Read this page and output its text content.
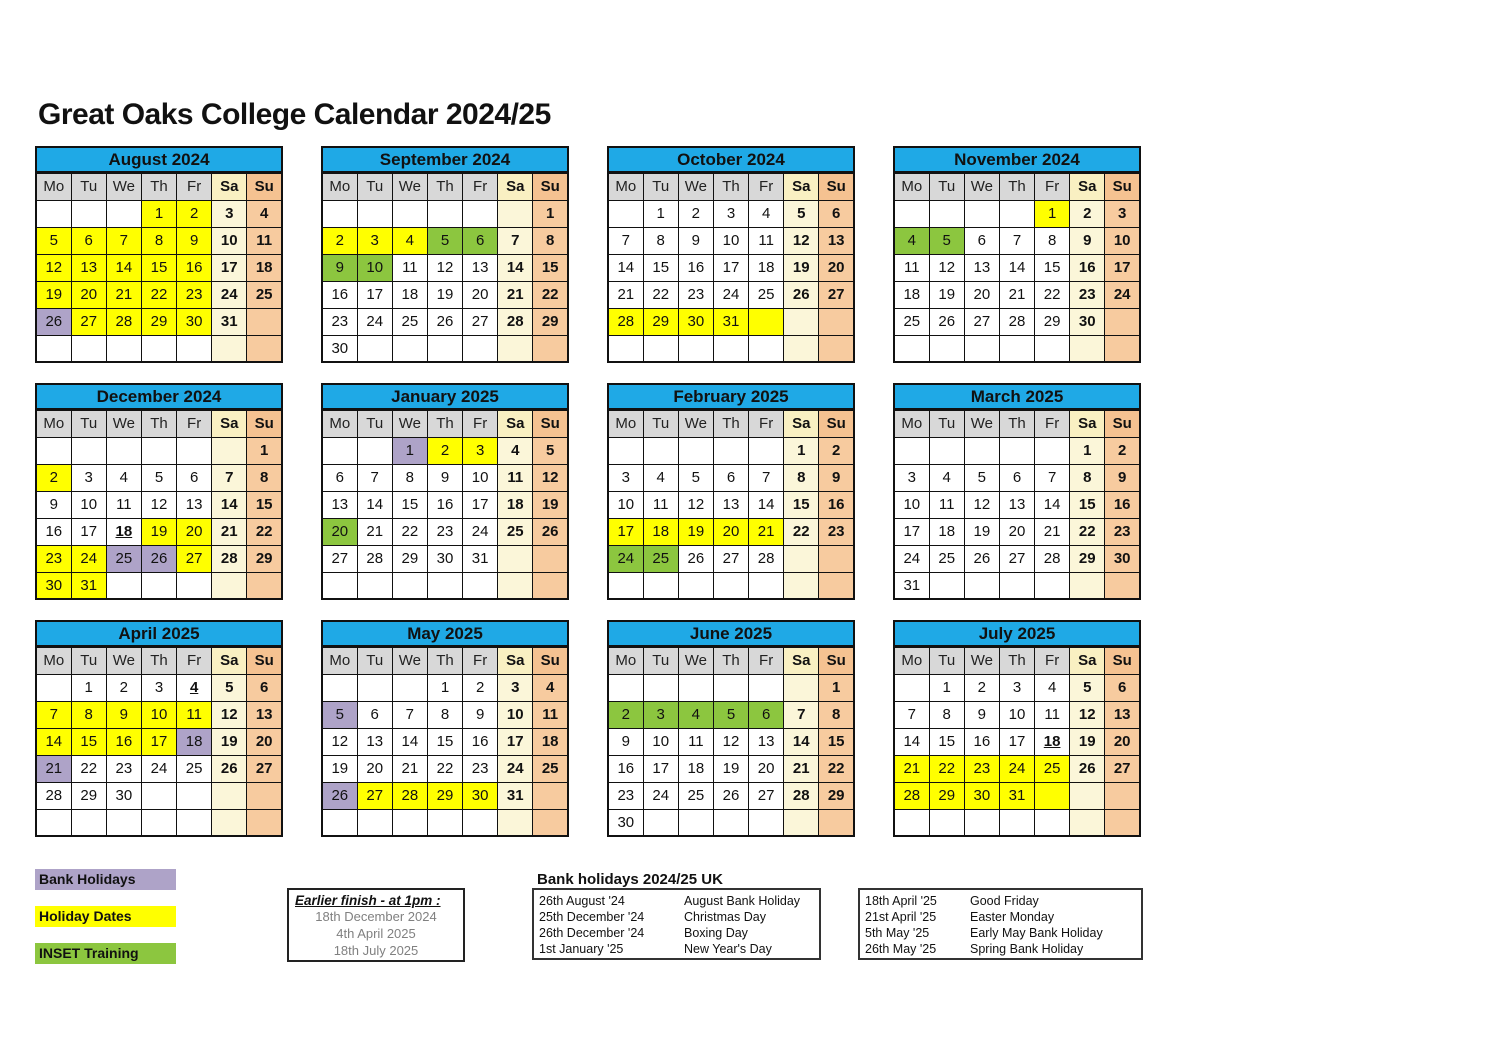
Great Oaks College Calendar 2024/25
August 2024
Mo	Tu	We	Th	Fr	Sa	Su
			1	2	3	4
5	6	7	8	9	10	11
12	13	14	15	16	17	18
19	20	21	22	23	24	25
26	27	28	29	30	31	

September 2024
Mo	Tu	We	Th	Fr	Sa	Su
						1
2	3	4	5	6	7	8
9	10	11	12	13	14	15
16	17	18	19	20	21	22
23	24	25	26	27	28	29
30						
October 2024
Mo	Tu	We	Th	Fr	Sa	Su
	1	2	3	4	5	6
7	8	9	10	11	12	13
14	15	16	17	18	19	20
21	22	23	24	25	26	27
28	29	30	31			

November 2024
Mo	Tu	We	Th	Fr	Sa	Su
				1	2	3
4	5	6	7	8	9	10
11	12	13	14	15	16	17
18	19	20	21	22	23	24
25	26	27	28	29	30	

December 2024
Mo	Tu	We	Th	Fr	Sa	Su
						1
2	3	4	5	6	7	8
9	10	11	12	13	14	15
16	17	18	19	20	21	22
23	24	25	26	27	28	29
30	31					
January 2025
Mo	Tu	We	Th	Fr	Sa	Su
		1	2	3	4	5
6	7	8	9	10	11	12
13	14	15	16	17	18	19
20	21	22	23	24	25	26
27	28	29	30	31		

February 2025
Mo	Tu	We	Th	Fr	Sa	Su
					1	2
3	4	5	6	7	8	9
10	11	12	13	14	15	16
17	18	19	20	21	22	23
24	25	26	27	28		

March 2025
Mo	Tu	We	Th	Fr	Sa	Su
					1	2
3	4	5	6	7	8	9
10	11	12	13	14	15	16
17	18	19	20	21	22	23
24	25	26	27	28	29	30
31						
April 2025
Mo	Tu	We	Th	Fr	Sa	Su
	1	2	3	4	5	6
7	8	9	10	11	12	13
14	15	16	17	18	19	20
21	22	23	24	25	26	27
28	29	30				

May 2025
Mo	Tu	We	Th	Fr	Sa	Su
			1	2	3	4
5	6	7	8	9	10	11
12	13	14	15	16	17	18
19	20	21	22	23	24	25
26	27	28	29	30	31	

June 2025
Mo	Tu	We	Th	Fr	Sa	Su
						1
2	3	4	5	6	7	8
9	10	11	12	13	14	15
16	17	18	19	20	21	22
23	24	25	26	27	28	29
30						
July 2025
Mo	Tu	We	Th	Fr	Sa	Su
	1	2	3	4	5	6
7	8	9	10	11	12	13
14	15	16	17	18	19	20
21	22	23	24	25	26	27
28	29	30	31			

Bank Holidays
Holiday Dates
INSET Training
Earlier finish - at 1pm :
18th December 2024
4th April 2025
18th July 2025
Bank holidays 2024/25 UK
26th August '24	August Bank Holiday
25th December '24	Christmas Day
26th December '24	Boxing Day
1st January '25	New Year's Day
18th April '25	Good Friday
21st April '25	Easter Monday
5th May '25	Early May Bank Holiday
26th May '25	Spring Bank Holiday
